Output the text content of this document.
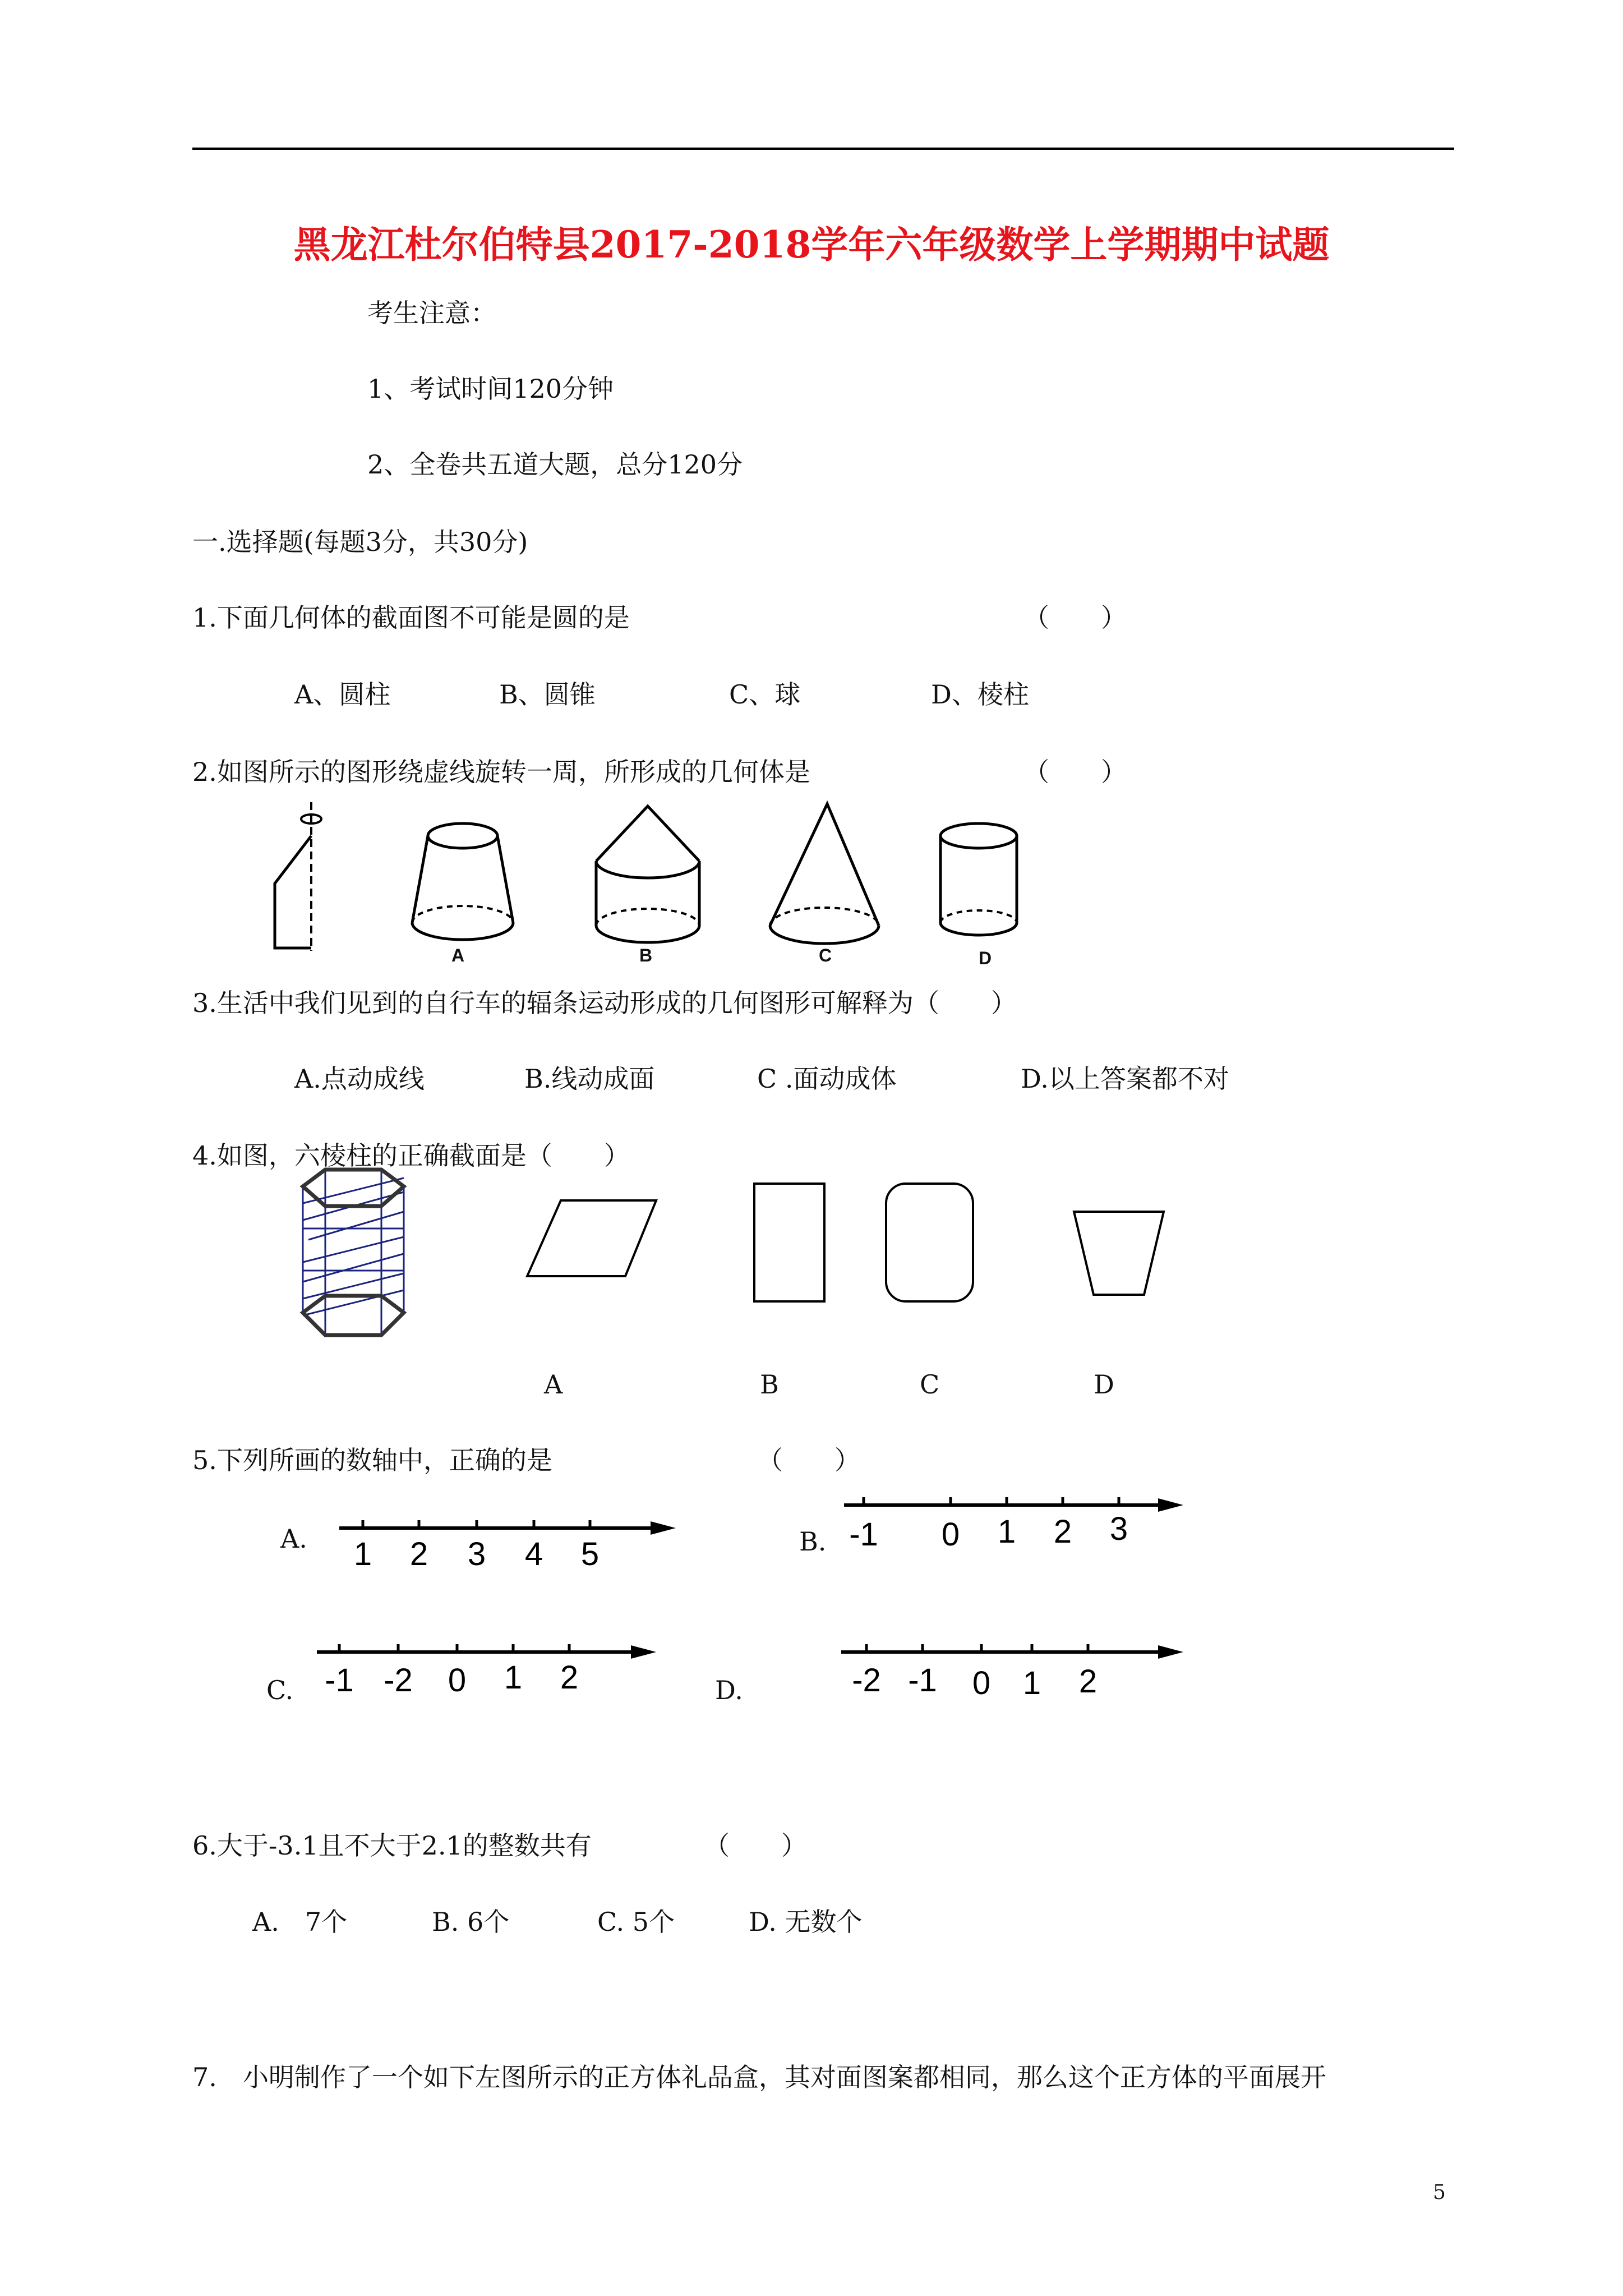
黑龙江杜尔伯特县2017-2018学年六年级数学上学期期中试题
考生注意：
1、考试时间120分钟
2、全卷共五道大题，总分120分
一.选择题(每题3分，共30分)
1.下面几何体的截面图不可能是圆的是	（　　）
A、圆柱	B、圆锥	C、球	D、棱柱
2.如图所示的图形绕虚线旋转一周，所形成的几何体是	（　　）
A	B	C	D
3.生活中我们见到的自行车的辐条运动形成的几何图形可解释为（　　）
A.点动成线	B.线动成面	C .面动成体	D.以上答案都不对
4.如图，六棱柱的正确截面是（　　）
A	B	C	D
5.下列所画的数轴中，正确的是	（　　）
A. 1 2 3 4 5	B. -1 0 1 2 3
C. -1 -2 0 1 2	D.	-2 -1 0 1 2
6.大于-3.1且不大于2.1的整数共有	（　　）
A.　7个	B. 6个	C. 5个	D. 无数个
7.　小明制作了一个如下左图所示的正方体礼品盒，其对面图案都相同，那么这个正方体的平面展开
5
